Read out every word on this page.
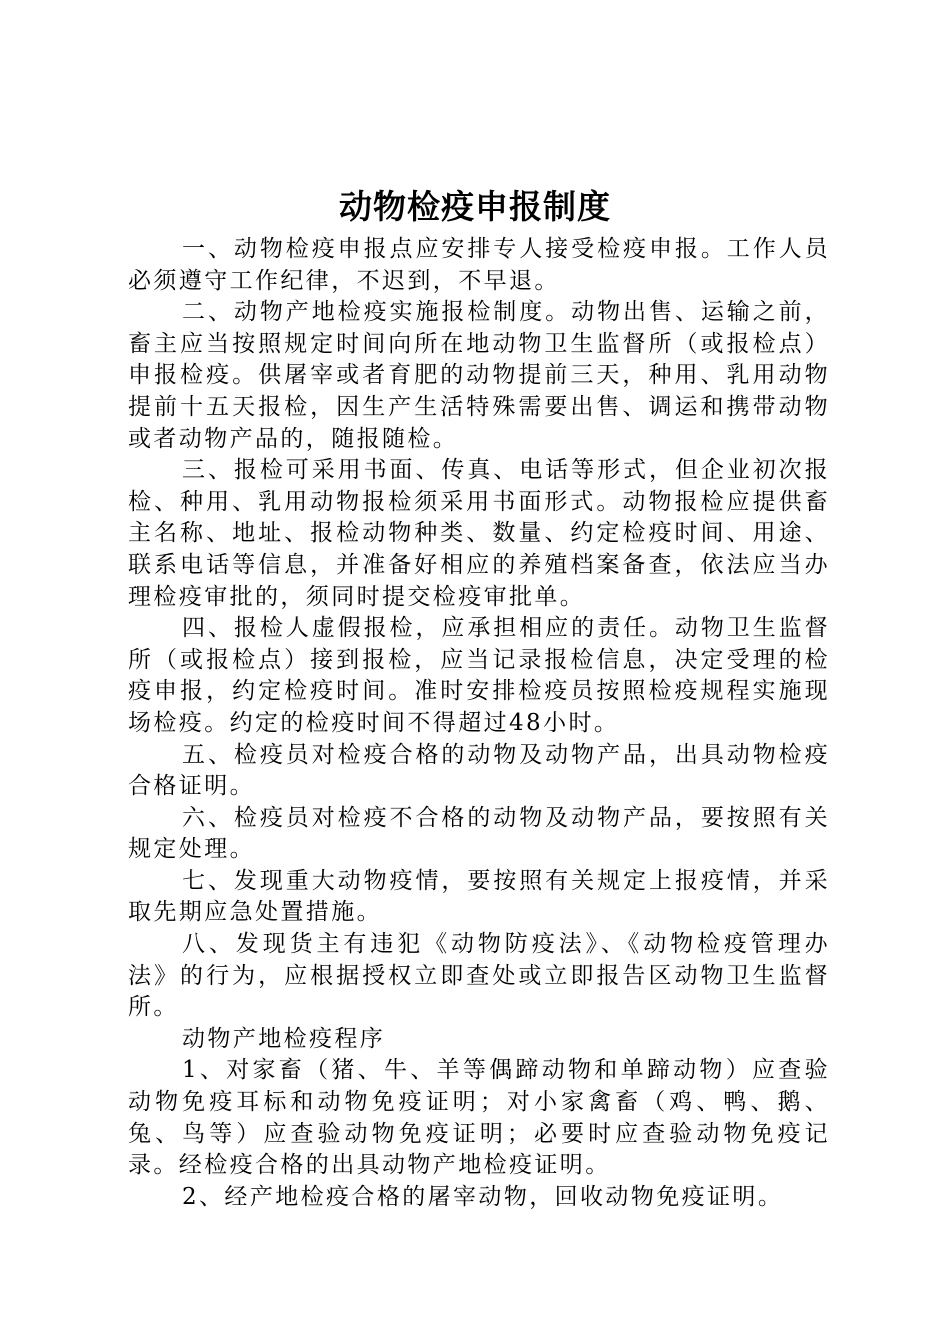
动物检疫申报制度

一、动物检疫申报点应安排专人接受检疫申报。工作人员必须遵守工作纪律，不迟到，不早退。

二、动物产地检疫实施报检制度。动物出售、运输之前，畜主应当按照规定时间向所在地动物卫生监督所（或报检点）申报检疫。供屠宰或者育肥的动物提前三天，种用、乳用动物提前十五天报检，因生产生活特殊需要出售、调运和携带动物或者动物产品的，随报随检。

三、报检可采用书面、传真、电话等形式，但企业初次报检、种用、乳用动物报检须采用书面形式。动物报检应提供畜主名称、地址、报检动物种类、数量、约定检疫时间、用途、联系电话等信息，并准备好相应的养殖档案备查，依法应当办理检疫审批的，须同时提交检疫审批单。

四、报检人虚假报检，应承担相应的责任。动物卫生监督所（或报检点）接到报检，应当记录报检信息，决定受理的检疫申报，约定检疫时间。准时安排检疫员按照检疫规程实施现场检疫。约定的检疫时间不得超过48小时。

五、检疫员对检疫合格的动物及动物产品，出具动物检疫合格证明。

六、检疫员对检疫不合格的动物及动物产品，要按照有关规定处理。

七、发现重大动物疫情，要按照有关规定上报疫情，并采取先期应急处置措施。

八、发现货主有违犯《动物防疫法》、《动物检疫管理办法》的行为，应根据授权立即查处或立即报告区动物卫生监督所。

动物产地检疫程序

1、对家畜（猪、牛、羊等偶蹄动物和单蹄动物）应查验动物免疫耳标和动物免疫证明；对小家禽畜（鸡、鸭、鹅、兔、鸟等）应查验动物免疫证明；必要时应查验动物免疫记录。经检疫合格的出具动物产地检疫证明。

2、经产地检疫合格的屠宰动物，回收动物免疫证明。
